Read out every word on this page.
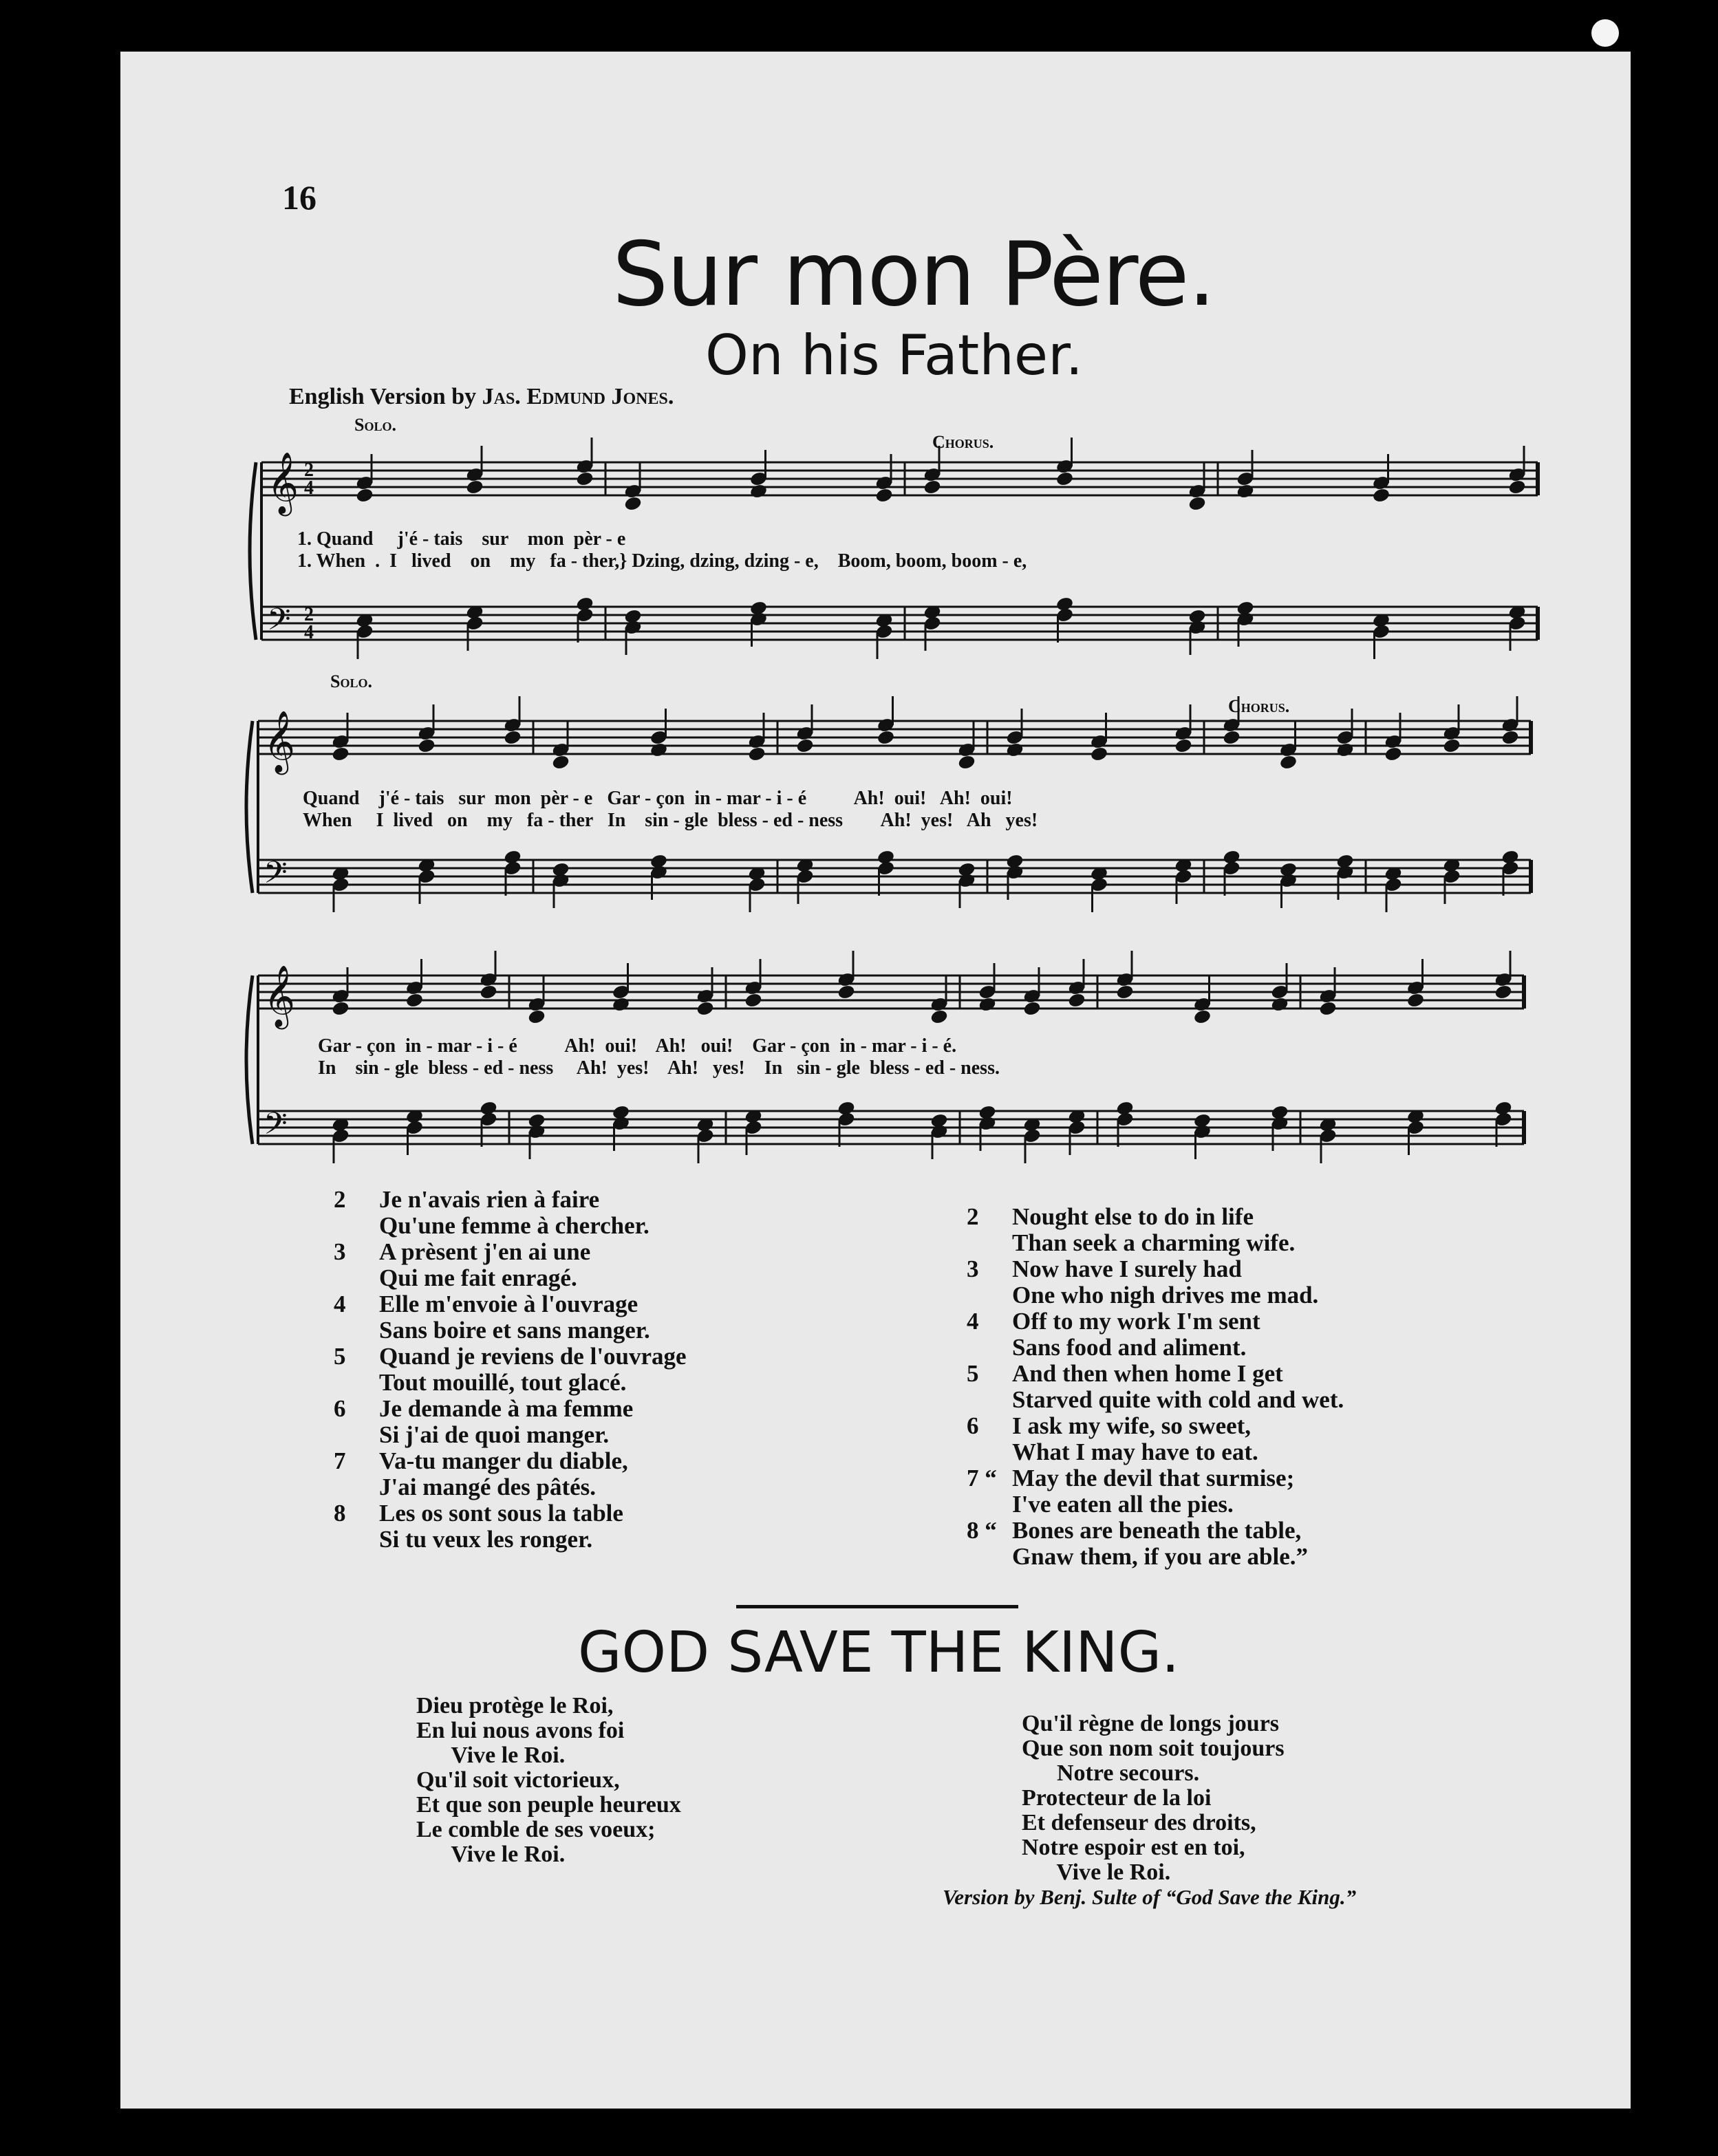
16
Sur mon Père.
On his Father.
English Version by Jas. Edmund Jones.
𝄞
𝄢
2
4
2
4
𝄞
𝄢
𝄞
𝄢
Solo.
Chorus.
Solo.
Chorus.
1. Quand     j'é - tais    sur    mon  pèr - e
1. When  .  I   lived    on    my   fa - ther,} Dzing, dzing, dzing - e,    Boom, boom, boom - e,
Quand    j'é - tais   sur  mon  pèr - e   Gar - çon  in - mar - i - é          Ah!  oui!   Ah!  oui!
When     I  lived   on    my   fa - ther   In    sin - gle  bless - ed - ness        Ah!  yes!   Ah   yes!
Gar - çon  in - mar - i - é          Ah!  oui!    Ah!   oui!    Gar - çon  in - mar - i - é.
In    sin - gle  bless - ed - ness     Ah!  yes!    Ah!   yes!    In   sin - gle  bless - ed - ness.
2 Je n'avais rien à faire
Qu'une femme à chercher.
3 A prèsent j'en ai une
Qui me fait enragé.
4 Elle m'envoie à l'ouvrage
Sans boire et sans manger.
5 Quand je reviens de l'ouvrage
Tout mouillé, tout glacé.
6 Je demande à ma femme
Si j'ai de quoi manger.
7 Va-tu manger du diable,
J'ai mangé des pâtés.
8 Les os sont sous la table
Si tu veux les ronger.
2 Nought else to do in life
Than seek a charming wife.
3 Now have I surely had
One who nigh drives me mad.
4 Off to my work I'm sent
Sans food and aliment.
5 And then when home I get
Starved quite with cold and wet.
6 I ask my wife, so sweet,
What I may have to eat.
7 “ May the devil that surmise;
I've eaten all the pies.
8 “ Bones are beneath the table,
Gnaw them, if you are able.”
GOD SAVE THE KING.
Dieu protège le Roi,
En lui nous avons foi
Vive le Roi.
Qu'il soit victorieux,
Et que son peuple heureux
Le comble de ses voeux;
Vive le Roi.
Qu'il règne de longs jours
Que son nom soit toujours
Notre secours.
Protecteur de la loi
Et defenseur des droits,
Notre espoir est en toi,
Vive le Roi.
Version by Benj. Sulte of “God Save the King.”
